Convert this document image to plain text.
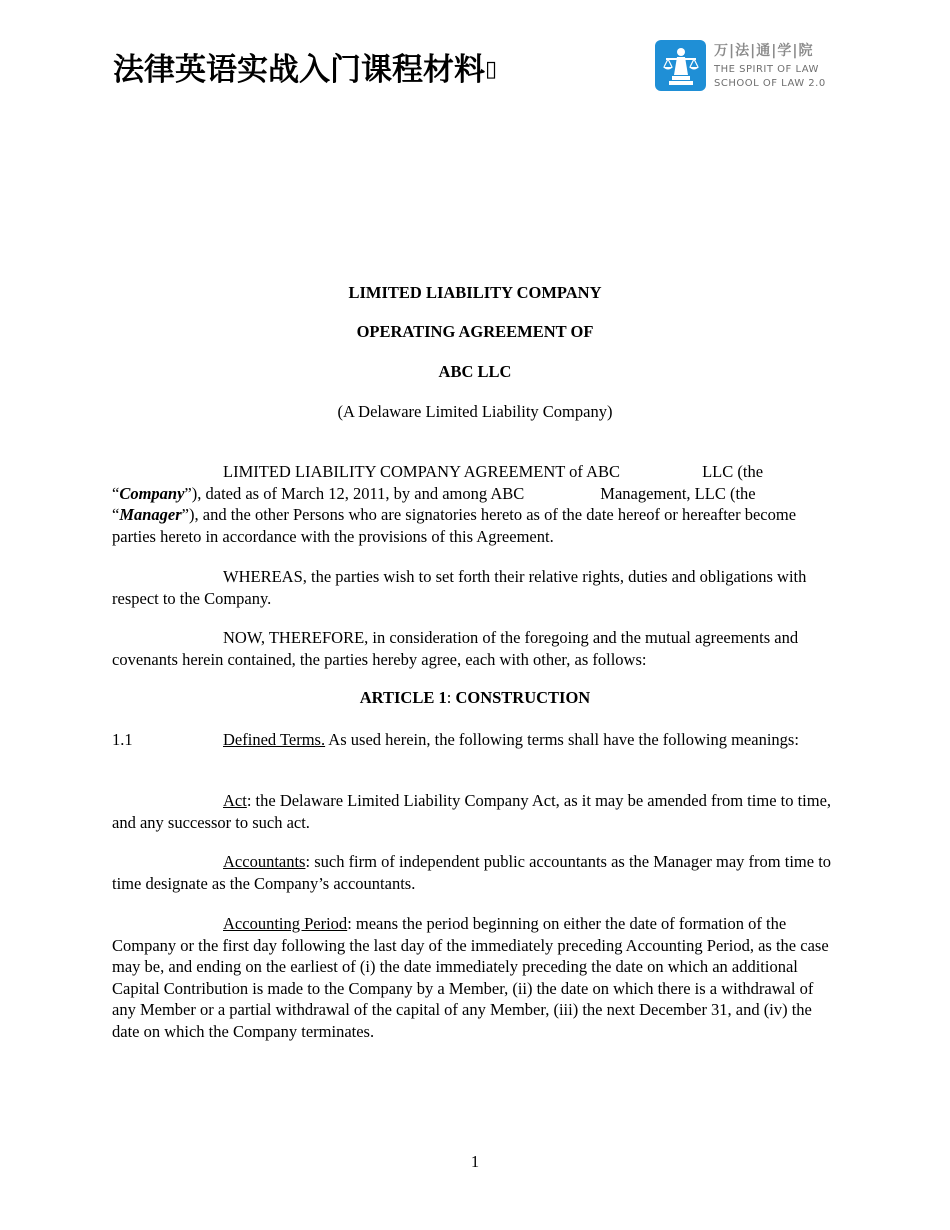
法律英语实战入门课程材料▯
万|法|通|学|院
THE SPIRIT OF LAW
SCHOOL OF LAW 2.0
LIMITED LIABILITY COMPANY
OPERATING AGREEMENT OF
ABC LLC
(A Delaware Limited Liability Company)
LIMITED LIABILITY COMPANY AGREEMENT of ABC	LLC (the “Company”), dated as of March 12, 2011, by and among ABC	Management, LLC (the “Manager”), and the other Persons who are signatories hereto as of the date hereof or hereafter become parties hereto in accordance with the provisions of this Agreement.
WHEREAS, the parties wish to set forth their relative rights, duties and obligations with respect to the Company.
NOW, THEREFORE, in consideration of the foregoing and the mutual agreements and covenants herein contained, the parties hereby agree, each with other, as follows:
ARTICLE 1: CONSTRUCTION
1.1	Defined Terms. As used herein, the following terms shall have the following meanings:
Act: the Delaware Limited Liability Company Act, as it may be amended from time to time, and any successor to such act.
Accountants: such firm of independent public accountants as the Manager may from time to time designate as the Company’s accountants.
Accounting Period: means the period beginning on either the date of formation of the Company or the first day following the last day of the immediately preceding Accounting Period, as the case may be, and ending on the earliest of (i) the date immediately preceding the date on which an additional Capital Contribution is made to the Company by a Member, (ii) the date on which there is a withdrawal of any Member or a partial withdrawal of the capital of any Member, (iii) the next December 31, and (iv) the date on which the Company terminates.
1
